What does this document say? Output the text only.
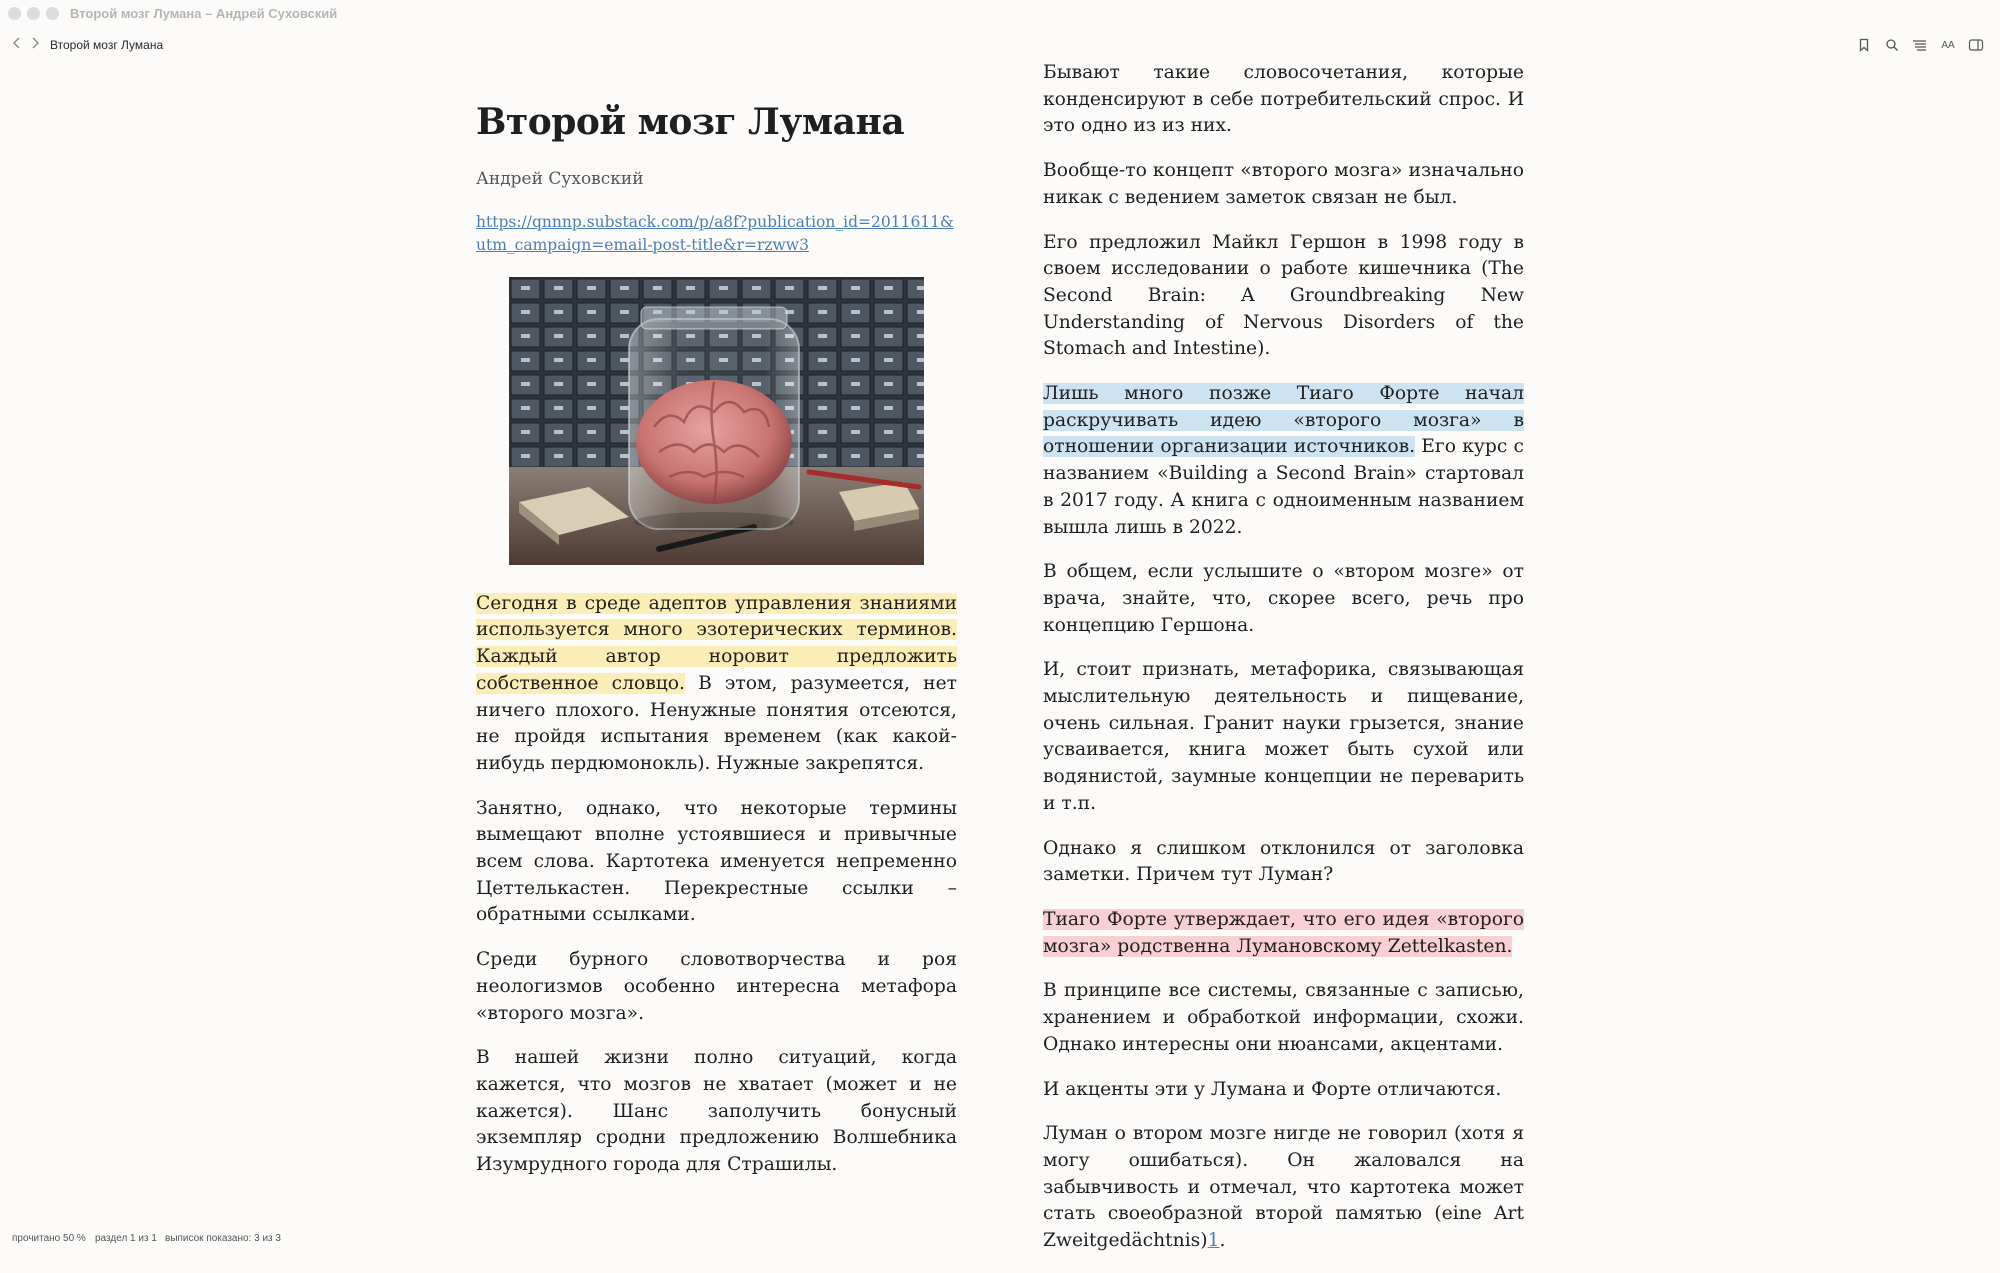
Второй мозг Лумана – Андрей Суховский
Второй мозг Лумана	AA
Второй мозг Лумана
Андрей Суховский
https://qnnnp.substack.com/p/a8f?publication_id=2011611&utm_campaign=email-post-title&r=rzww3

Сегодня в среде адептов управления знаниями используется много эзотерических терминов. Каждый автор норовит предложить собственное словцо. В этом, разумеется, нет ничего плохого. Ненужные понятия отсеются, не пройдя испытания временем (как какой-нибудь пердюмонокль). Нужные закрепятся.

Занятно, однако, что некоторые термины вымещают вполне устоявшиеся и привычные всем слова. Картотека именуется непременно Цеттелькастен. Перекрестные ссылки – обратными ссылками.

Среди бурного словотворчества и роя неологизмов особенно интересна метафора «второго мозга».

В нашей жизни полно ситуаций, когда кажется, что мозгов не хватает (может и не кажется). Шанс заполучить бонусный экземпляр сродни предложению Волшебника Изумрудного города для Страшилы.

Бывают такие словосочетания, которые конденсируют в себе потребительский спрос. И это одно из из них.

Вообще-то концепт «второго мозга» изначально никак с ведением заметок связан не был.

Его предложил Майкл Гершон в 1998 году в своем исследовании о работе кишечника (The Second Brain: A Groundbreaking New Understanding of Nervous Disorders of the Stomach and Intestine).

Лишь много позже Тиаго Форте начал раскручивать идею «второго мозга» в отношении организации источников. Его курс с названием «Building a Second Brain» стартовал в 2017 году. А книга с одноименным названием вышла лишь в 2022.

В общем, если услышите о «втором мозге» от врача, знайте, что, скорее всего, речь про концепцию Гершона.

И, стоит признать, метафорика, связывающая мыслительную деятельность и пищевание, очень сильная. Гранит науки грызется, знание усваивается, книга может быть сухой или водянистой, заумные концепции не переварить и т.п.

Однако я слишком отклонился от заголовка заметки. Причем тут Луман?

Тиаго Форте утверждает, что его идея «второго мозга» родственна Лумановскому Zettelkasten.

В принципе все системы, связанные с записью, хранением и обработкой информации, схожи. Однако интересны они нюансами, акцентами.

И акценты эти у Лумана и Форте отличаются.

Луман о втором мозге нигде не говорил (хотя я могу ошибаться). Он жаловался на забывчивость и отмечал, что картотека может стать своеобразной второй памятью (eine Art Zweitgedächtnis)1.

прочитано 50 % раздел 1 из 1 выписок показано: 3 из 3
